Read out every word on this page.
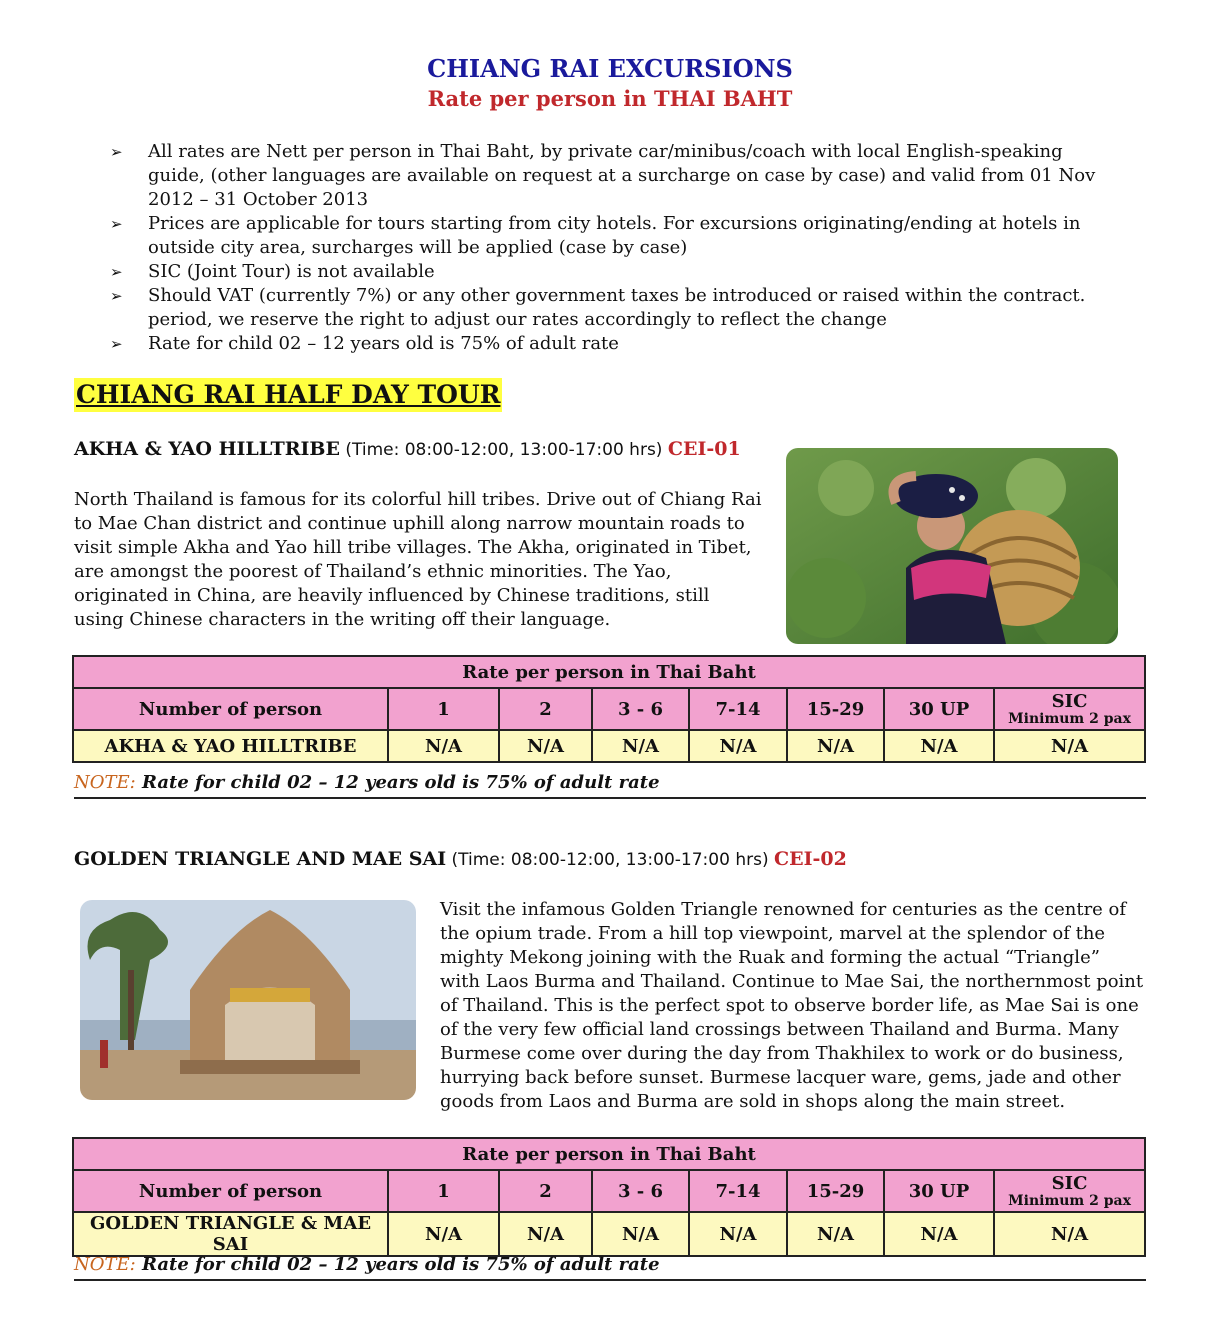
CHIANG RAI EXCURSIONS
Rate per person in THAI BAHT
➢ All rates are Nett per person in Thai Baht, by private car/minibus/coach with local English-speaking guide, (other languages are available on request at a surcharge on case by case) and valid from 01 Nov 2012 – 31 October 2013
➢ Prices are applicable for tours starting from city hotels. For excursions originating/ending at hotels in outside city area, surcharges will be applied (case by case)
➢ SIC (Joint Tour) is not available
➢ Should VAT (currently 7%) or any other government taxes be introduced or raised within the contract. period, we reserve the right to adjust our rates accordingly to reflect the change
➢ Rate for child 02 – 12 years old is 75% of adult rate
CHIANG RAI HALF DAY TOUR
AKHA & YAO HILLTRIBE (Time: 08:00-12:00, 13:00-17:00 hrs) CEI-01

North Thailand is famous for its colorful hill tribes. Drive out of Chiang Rai to Mae Chan district and continue uphill along narrow mountain roads to visit simple Akha and Yao hill tribe villages. The Akha, originated in Tibet, are amongst the poorest of Thailand’s ethnic minorities. The Yao, originated in China, are heavily influenced by Chinese traditions, still using Chinese characters in the writing off their language.

Rate per person in Thai Baht							
Number of person	1	2	3 - 6	7-14	15-29	30 UP	SIC
Minimum 2 pax

AKHA & YAO HILLTRIBE	N/A	N/A	N/A	N/A	N/A	N/A	N/A
NOTE: Rate for child 02 – 12 years old is 75% of adult rate
GOLDEN TRIANGLE AND MAE SAI (Time: 08:00-12:00, 13:00-17:00 hrs) CEI-02

Visit the infamous Golden Triangle renowned for centuries as the centre of the opium trade. From a hill top viewpoint, marvel at the splendor of the mighty Mekong joining with the Ruak and forming the actual “Triangle” with Laos Burma and Thailand. Continue to Mae Sai, the northernmost point of Thailand. This is the perfect spot to observe border life, as Mae Sai is one of the very few official land crossings between Thailand and Burma. Many Burmese come over during the day from Thakhilex to work or do business, hurrying back before sunset. Burmese lacquer ware, gems, jade and other goods from Laos and Burma are sold in shops along the main street.

Rate per person in Thai Baht							
Number of person	1	2	3 - 6	7-14	15-29	30 UP	SIC
Minimum 2 pax

GOLDEN TRIANGLE & MAE SAI	N/A	N/A	N/A	N/A	N/A	N/A	N/A
NOTE: Rate for child 02 – 12 years old is 75% of adult rate
